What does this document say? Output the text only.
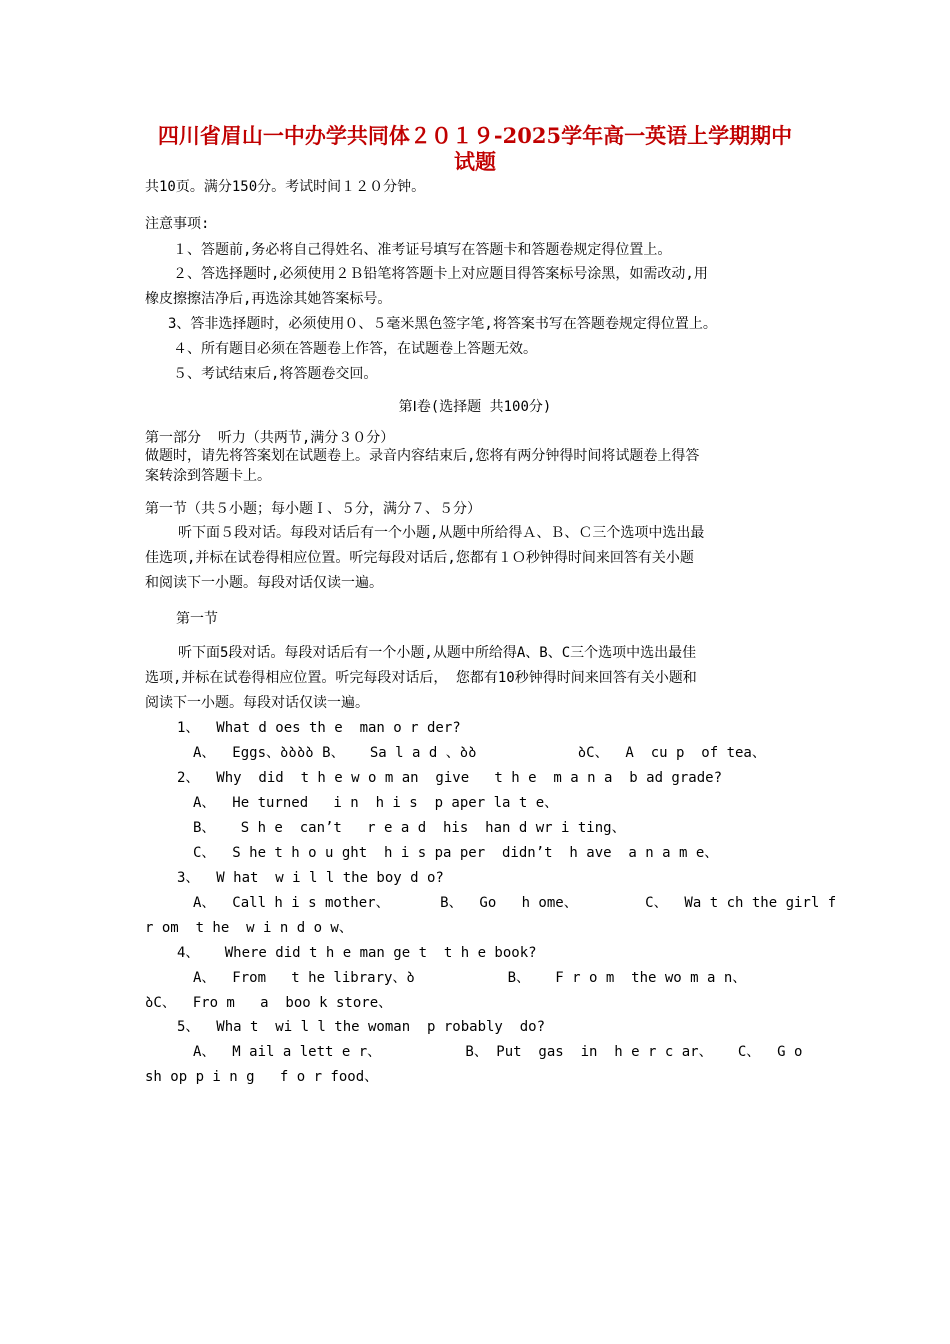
四川省眉山一中办学共同体２０１９-2025学年高一英语上学期期中
试题
共10页。满分150分。考试时间１２０分钟。
注意事项:
１、答题前,务必将自己得姓名、准考证号填写在答题卡和答题卷规定得位置上。
２、答选择题时,必须使用２Ｂ铅笔将答题卡上对应题目得答案标号涂黑，如需改动,用
橡皮擦擦洁净后,再选涂其她答案标号。
3、答非选择题时，必须使用０、５毫米黑色签字笔,将答案书写在答题卷规定得位置上。
４、所有题目必须在答题卷上作答，在试题卷上答题无效。
５、考试结束后,将答题卷交回。
第Ⅰ卷(选择题 共100分)
第一部分  听力（共两节,满分３０分）
做题时，请先将答案划在试题卷上。录音内容结束后,您将有两分钟得时间将试题卷上得答
案转涂到答题卡上。
第一节（共５小题；每小题Ｉ、５分，满分７、５分）
听下面５段对话。每段对话后有一个小题,从题中所给得Ａ、Ｂ、Ｃ三个选项中选出最
佳选项,并标在试卷得相应位置。听完每段对话后,您都有１Ｏ秒钟得时间来回答有关小题
和阅读下一小题。每段对话仅读一遍。
第一节
听下面5段对话。每段对话后有一个小题,从题中所给得A、B、C三个选项中选出最佳
选项,并标在试卷得相应位置。听完每段对话后， 您都有10秒钟得时间来回答有关小题和
阅读下一小题。每段对话仅读一遍。
1、  What d oes th e  man o r der?
A、  Eggs、ბბბბ B、   Sa l a d 、ბბ            ბC、  A  cu p  of tea、
2、  Why  did  t h e w o m an  give   t h e  m a n a  b ad grade?
A、  He turned   i n  h i s  p aper la t e、
B、   S h e  can’t   r e a d  his  han d wr i ting、
C、  S he t h o u ght  h i s pa per  didn’t  h ave  a n a m e、
3、  W hat  w i l l the boy d o?
A、  Call h i s mother、      B、  Go   h ome、        C、  Wa t ch the girl f
r om  t he  w i n d o w、
4、   Where did t h e man ge t  t h e book?
A、  From   t he library、ბ           B、   F r o m  the wo m a n、
ბC、  Fro m   a  boo k store、
5、  Wha t  wi l l the woman  p robably  do?
A、  M ail a lett e r、          B、 Put  gas  in  h e r c ar、   C、  G o
sh op p i n g   f o r food、
